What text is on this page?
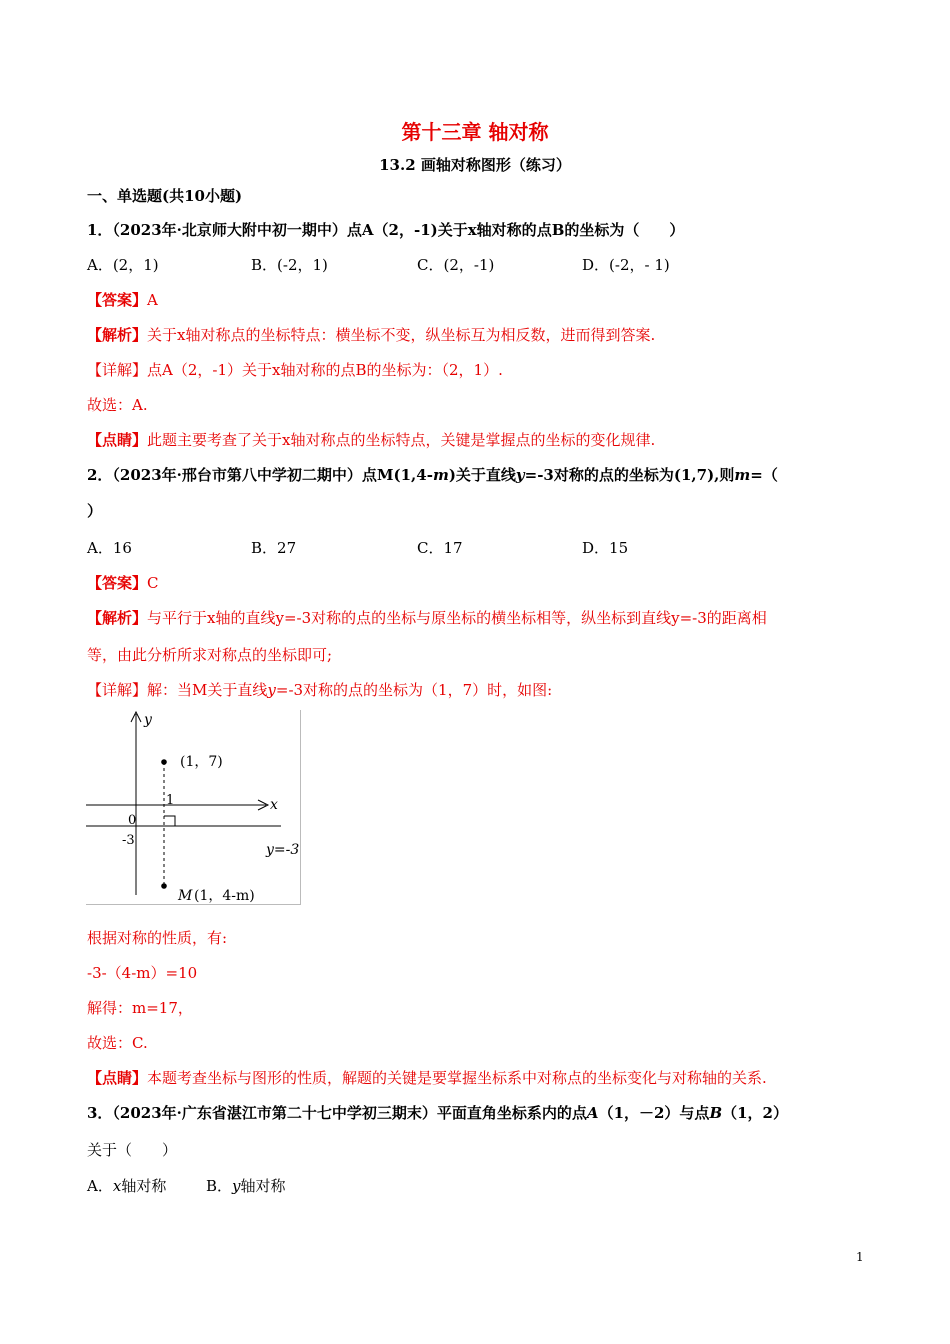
第十三章 轴对称
13.2 画轴对称图形（练习）
一、单选题(共10小题)
1．（2023年·北京师大附中初一期中）点A（2，-1)关于x轴对称的点B的坐标为（　　）
A．(2，1)	B．(-2，1)	C．(2，-1)	D．(-2，- 1)
【答案】A
【解析】关于x轴对称点的坐标特点：横坐标不变，纵坐标互为相反数，进而得到答案.
【详解】点A（2，-1）关于x轴对称的点B的坐标为：（2，1）.
故选：A.
【点睛】此题主要考查了关于x轴对称点的坐标特点，关键是掌握点的坐标的变化规律.
2．（2023年·邢台市第八中学初二期中）点M(1,4-m)关于直线y=-3对称的点的坐标为(1,7),则m=（
）
A．16	B．27	C．17	D．15
【答案】C
【解析】与平行于x轴的直线y=-3对称的点的坐标与原坐标的横坐标相等，纵坐标到直线y=-3的距离相
等，由此分析所求对称点的坐标即可;
【详解】解：当M关于直线y=-3对称的点的坐标为（1，7）时，如图:
y
x
(1，7)
1
0
-3
y=-3
M (1，4-m)
根据对称的性质，有:
-3-（4-m）=10
解得：m=17，
故选：C.
【点睛】本题考查坐标与图形的性质，解题的关键是要掌握坐标系中对称点的坐标变化与对称轴的关系.
3．（2023年·广东省湛江市第二十七中学初三期末）平面直角坐标系内的点A（1，－2）与点B（1，2）
关于（　　）
A．x轴对称	B．y轴对称
1
